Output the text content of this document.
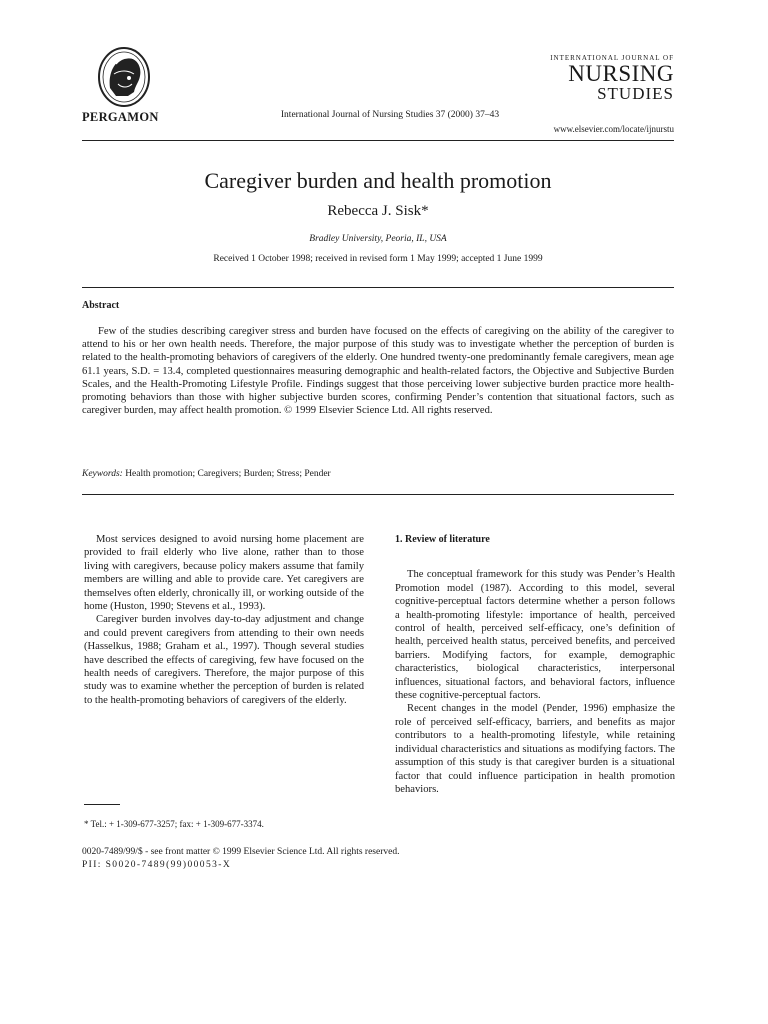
PERGAMON	International Journal of Nursing Studies 37 (2000) 37–43
INTERNATIONAL JOURNAL OF
NURSING
STUDIES
www.elsevier.com/locate/ijnurstu
Caregiver burden and health promotion
Rebecca J. Sisk*
Bradley University, Peoria, IL, USA
Received 1 October 1998; received in revised form 1 May 1999; accepted 1 June 1999
Abstract
Few of the studies describing caregiver stress and burden have focused on the effects of caregiving on the ability of the caregiver to attend to his or her own health needs. Therefore, the major purpose of this study was to investigate whether the perception of burden is related to the health-promoting behaviors of caregivers of the elderly. One hundred twenty-one predominantly female caregivers, mean age 61.1 years, S.D. = 13.4, completed questionnaires measuring demographic and health-related factors, the Objective and Subjective Burden Scales, and the Health-Promoting Lifestyle Profile. Findings suggest that those perceiving lower subjective burden practice more health-promoting behaviors than those with higher subjective burden scores, confirming Pender’s contention that situational factors, such as caregiver burden, may affect health promotion. © 1999 Elsevier Science Ltd. All rights reserved.
Keywords: Health promotion; Caregivers; Burden; Stress; Pender

Most services designed to avoid nursing home placement are provided to frail elderly who live alone, rather than to those living with caregivers, because policy makers assume that family members are willing and able to provide care. Yet caregivers are themselves often elderly, chronically ill, or working outside of the home (Huston, 1990; Stevens et al., 1993).

Caregiver burden involves day-to-day adjustment and change and could prevent caregivers from attending to their own needs (Hasselkus, 1988; Graham et al., 1997). Though several studies have described the effects of caregiving, few have focused on the health needs of caregivers. Therefore, the major purpose of this study was to examine whether the perception of burden is related to the health-promoting behaviors of caregivers of the elderly.

1. Review of literature

The conceptual framework for this study was Pender’s Health Promotion model (1987). According to this model, several cognitive-perceptual factors determine whether a person follows a health-promoting lifestyle: importance of health, perceived control of health, perceived self-efficacy, one’s definition of health, perceived health status, perceived benefits, and perceived barriers. Modifying factors, for example, demographic characteristics, biological characteristics, interpersonal influences, situational factors, and behavioral factors, influence these cognitive-perceptual factors.

Recent changes in the model (Pender, 1996) emphasize the role of perceived self-efficacy, barriers, and benefits as major contributors to a health-promoting lifestyle, while retaining individual characteristics and situations as modifying factors. The assumption of this study is that caregiver burden is a situational factor that could influence participation in health promotion behaviors.

* Tel.: + 1-309-677-3257; fax: + 1-309-677-3374.
0020-7489/99/$ - see front matter © 1999 Elsevier Science Ltd. All rights reserved.
PII: S0020-7489(99)00053-X
